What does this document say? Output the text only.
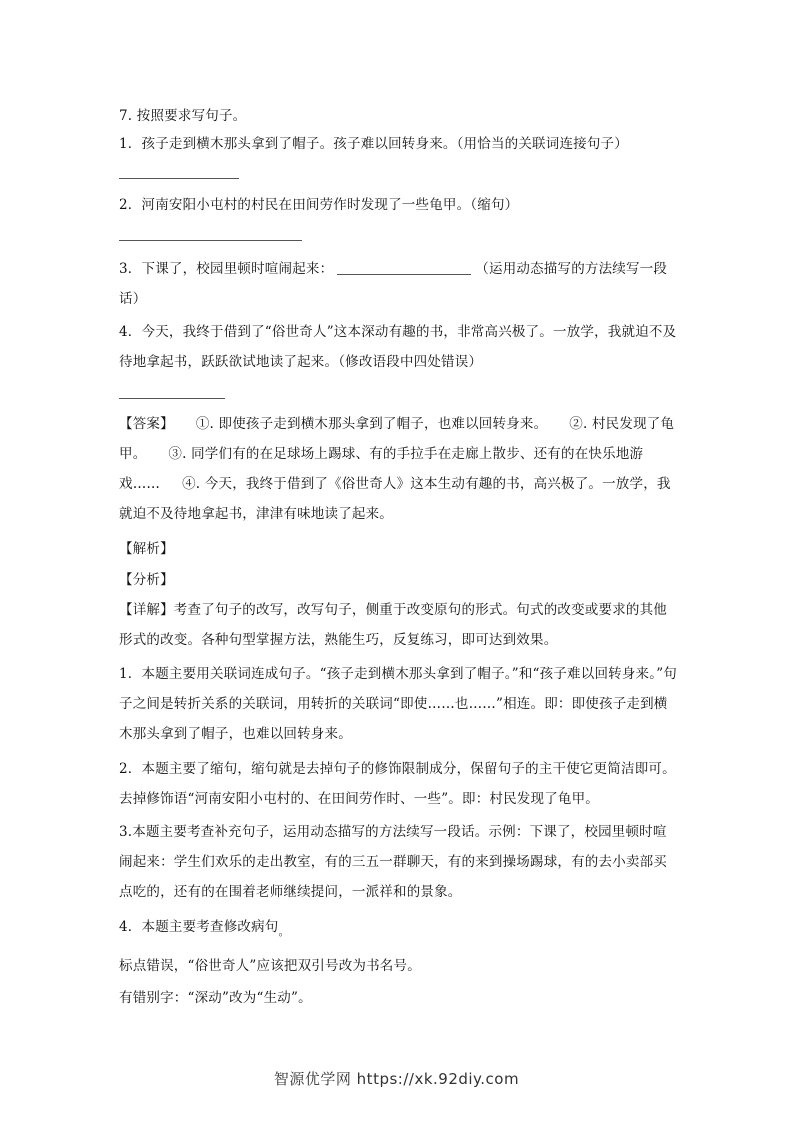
7. 按照要求写句子。
1．孩子走到横木那头拿到了帽子。孩子难以回转身来。（用恰当的关联词连接句子）
2．河南安阳小屯村的村民在田间劳作时发现了一些龟甲。（缩句）
3．下课了，校园里顿时喧闹起来：	（运用动态描写的方法续写一段话）
4．今天，我终于借到了“俗世奇人”这本深动有趣的书，非常高兴极了。一放学，我就迫不及待地拿起书，跃跃欲试地读了起来。（修改语段中四处错误）
【答案】 ①. 即使孩子走到横木那头拿到了帽子，也难以回转身来。 ②. 村民发现了龟甲。 ③. 同学们有的在足球场上踢球、有的手拉手在走廊上散步、还有的在快乐地游戏…… ④. 今天，我终于借到了《俗世奇人》这本生动有趣的书，高兴极了。一放学，我就迫不及待地拿起书，津津有味地读了起来。
【解析】
【分析】
【详解】考查了句子的改写，改写句子，侧重于改变原句的形式。句式的改变或要求的其他形式的改变。各种句型掌握方法，熟能生巧，反复练习，即可达到效果。
1．本题主要用关联词连成句子。“孩子走到横木那头拿到了帽子。”和“孩子难以回转身来。”句子之间是转折关系的关联词，用转折的关联词“即使……也……”相连。即：即使孩子走到横木那头拿到了帽子，也难以回转身来。
2．本题主要了缩句，缩句就是去掉句子的修饰限制成分，保留句子的主干使它更简洁即可。去掉修饰语“河南安阳小屯村的、在田间劳作时、一些”。即：村民发现了龟甲。
3.本题主要考查补充句子，运用动态描写的方法续写一段话。示例：下课了，校园里顿时喧闹起来：学生们欢乐的走出教室，有的三五一群聊天，有的来到操场踢球，有的去小卖部买点吃的，还有的在围着老师继续提问，一派祥和的景象。
4．本题主要考查修改病句$_。$
标点错误，“俗世奇人”应该把双引号改为书名号。
有错别字：“深动”改为“生动”。
智源优学网 https://xk.92diy.com
